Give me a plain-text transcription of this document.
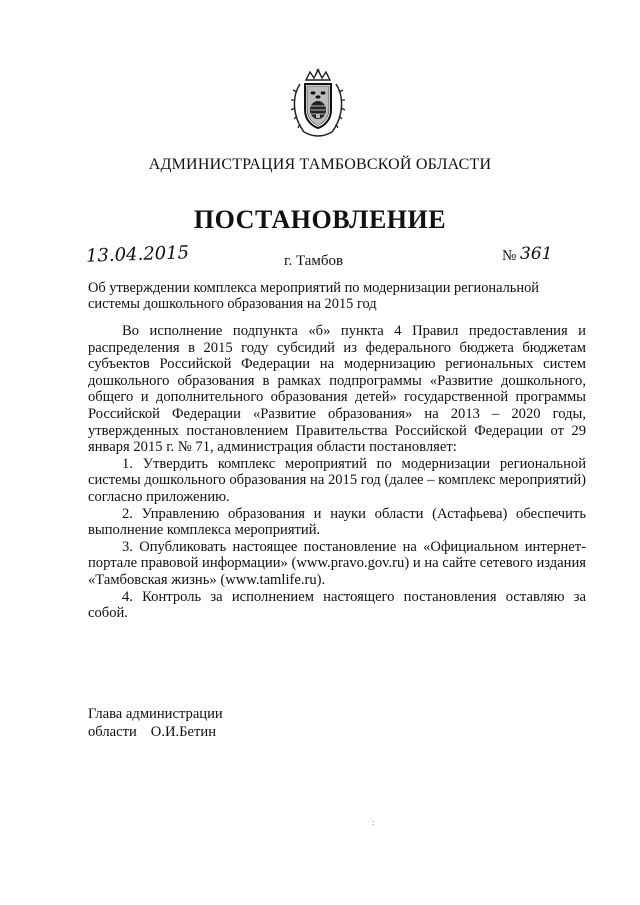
АДМИНИСТРАЦИЯ ТАМБОВСКОЙ ОБЛАСТИ
ПОСТАНОВЛЕНИЕ
13.04.2015	г. Тамбов	№ 361
Об утверждении комплекса мероприятий по модернизации региональной системы дошкольного образования на 2015 год

Во исполнение подпункта «б» пункта 4 Правил предоставления и распределения в 2015 году субсидий из федерального бюджета бюджетам субъектов Российской Федерации на модернизацию региональных систем дошкольного образования в рамках подпрограммы «Развитие дошкольного, общего и дополнительного образования детей» государственной программы Российской Федерации «Развитие образования» на 2013 – 2020 годы, утвержденных постановлением Правительства Российской Федерации от 29 января 2015 г. № 71, администрация области постановляет:

1. Утвердить комплекс мероприятий по модернизации региональной системы дошкольного образования на 2015 год (далее – комплекс мероприятий) согласно приложению.

2. Управлению образования и науки области (Астафьева) обеспечить выполнение комплекса мероприятий.

3. Опубликовать настоящее постановление на «Официальном интернет-портале правовой информации» (www.pravo.gov.ru) и на сайте сетевого издания «Тамбовская жизнь» (www.tamlife.ru).

4. Контроль за исполнением настоящего постановления оставляю за собой.

Глава администрации
области О.И.Бетин
:
